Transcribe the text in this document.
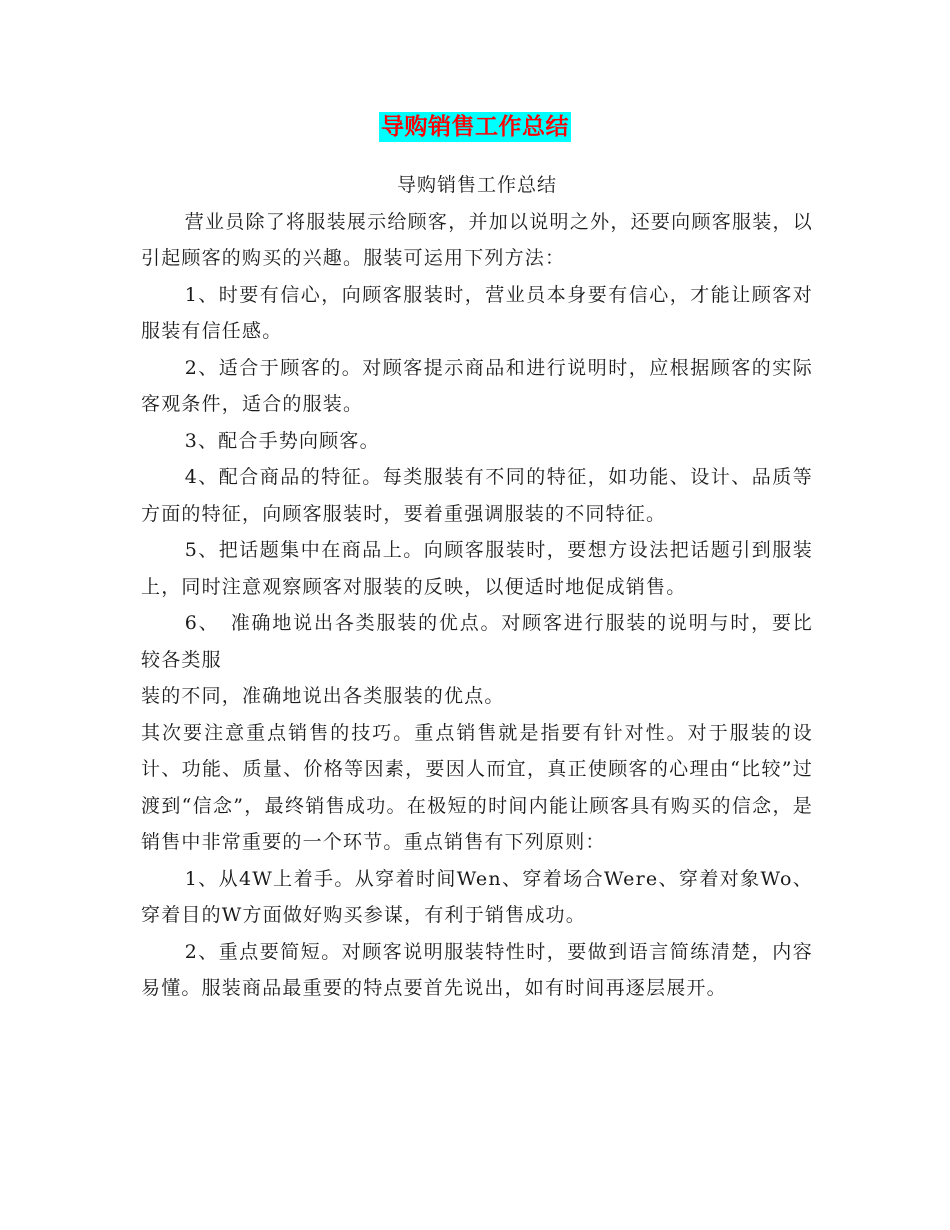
导购销售工作总结

导购销售工作总结

营业员除了将服装展示给顾客，并加以说明之外，还要向顾客服装，以引起顾客的购买的兴趣。服装可运用下列方法：

1、时要有信心，向顾客服装时，营业员本身要有信心，才能让顾客对服装有信任感。

2、适合于顾客的。对顾客提示商品和进行说明时，应根据顾客的实际客观条件，适合的服装。

3、配合手势向顾客。

4、配合商品的特征。每类服装有不同的特征，如功能、设计、品质等方面的特征，向顾客服装时，要着重强调服装的不同特征。

5、把话题集中在商品上。向顾客服装时，要想方设法把话题引到服装上，同时注意观察顾客对服装的反映，以便适时地促成销售。

6、　准确地说出各类服装的优点。对顾客进行服装的说明与时，要比较各类服

装的不同，准确地说出各类服装的优点。

其次要注意重点销售的技巧。重点销售就是指要有针对性。对于服装的设计、功能、质量、价格等因素，要因人而宜，真正使顾客的心理由“比较”过渡到“信念”，最终销售成功。在极短的时间内能让顾客具有购买的信念，是销售中非常重要的一个环节。重点销售有下列原则：

1、从4W上着手。从穿着时间Wen、穿着场合Were、穿着对象Wo、穿着目的W方面做好购买参谋，有利于销售成功。

2、重点要简短。对顾客说明服装特性时，要做到语言简练清楚，内容易懂。服装商品最重要的特点要首先说出，如有时间再逐层展开。
